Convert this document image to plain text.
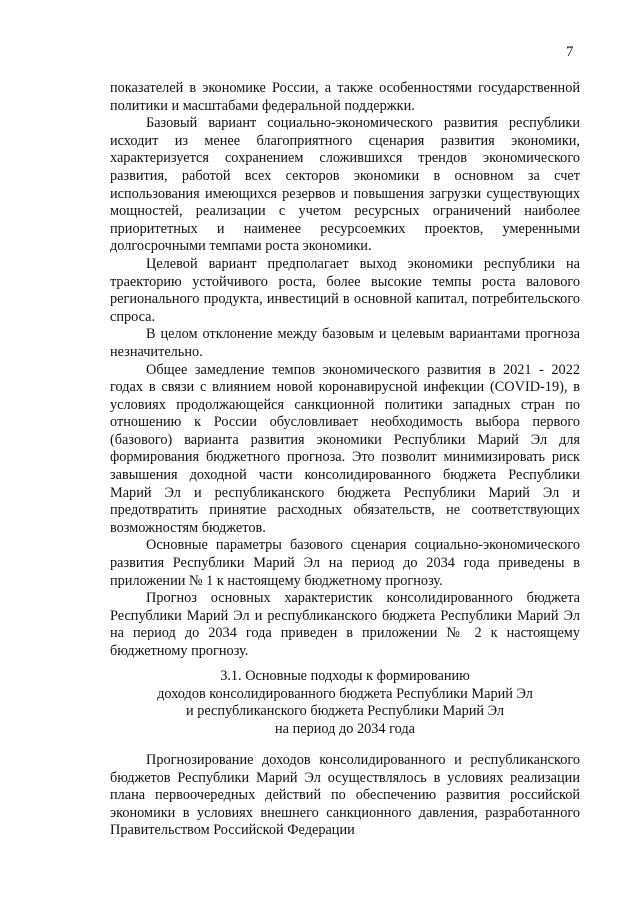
7

показателей в экономике России, а также особенностями государственной политики и масштабами федеральной поддержки.

Базовый вариант социально-экономического развития республики исходит из менее благоприятного сценария развития экономики, характеризуется сохранением сложившихся трендов экономического развития, работой всех секторов экономики в основном за счет использования имеющихся резервов и повышения загрузки существующих мощностей, реализации с учетом ресурсных ограничений наиболее приоритетных и наименее ресурсоемких проектов, умеренными долгосрочными темпами роста экономики.

Целевой вариант предполагает выход экономики республики на траекторию устойчивого роста, более высокие темпы роста валового регионального продукта, инвестиций в основной капитал, потребительского спроса.

В целом отклонение между базовым и целевым вариантами прогноза незначительно.

Общее замедление темпов экономического развития в 2021 - 2022 годах в связи с влиянием новой коронавирусной инфекции (COVID-19), в условиях продолжающейся санкционной политики западных стран по отношению к России обусловливает необходимость выбора первого (базового) варианта развития экономики Республики Марий Эл для формирования бюджетного прогноза. Это позволит минимизировать риск завышения доходной части консолидированного бюджета Республики Марий Эл и республиканского бюджета Республики Марий Эл и предотвратить принятие расходных обязательств, не соответствующих возможностям бюджетов.

Основные параметры базового сценария социально-экономического развития Республики Марий Эл на период до 2034 года приведены в приложении № 1 к настоящему бюджетному прогнозу.

Прогноз основных характеристик консолидированного бюджета Республики Марий Эл и республиканского бюджета Республики Марий Эл на период до 2034 года приведен в приложении № 2 к настоящему бюджетному прогнозу.

3.1. Основные подходы к формированию
доходов консолидированного бюджета Республики Марий Эл
и республиканского бюджета Республики Марий Эл
на период до 2034 года

Прогнозирование доходов консолидированного и республиканского бюджетов Республики Марий Эл осуществлялось в условиях реализации плана первоочередных действий по обеспечению развития российской экономики в условиях внешнего санкционного давления, разработанного Правительством Российской Федерации
